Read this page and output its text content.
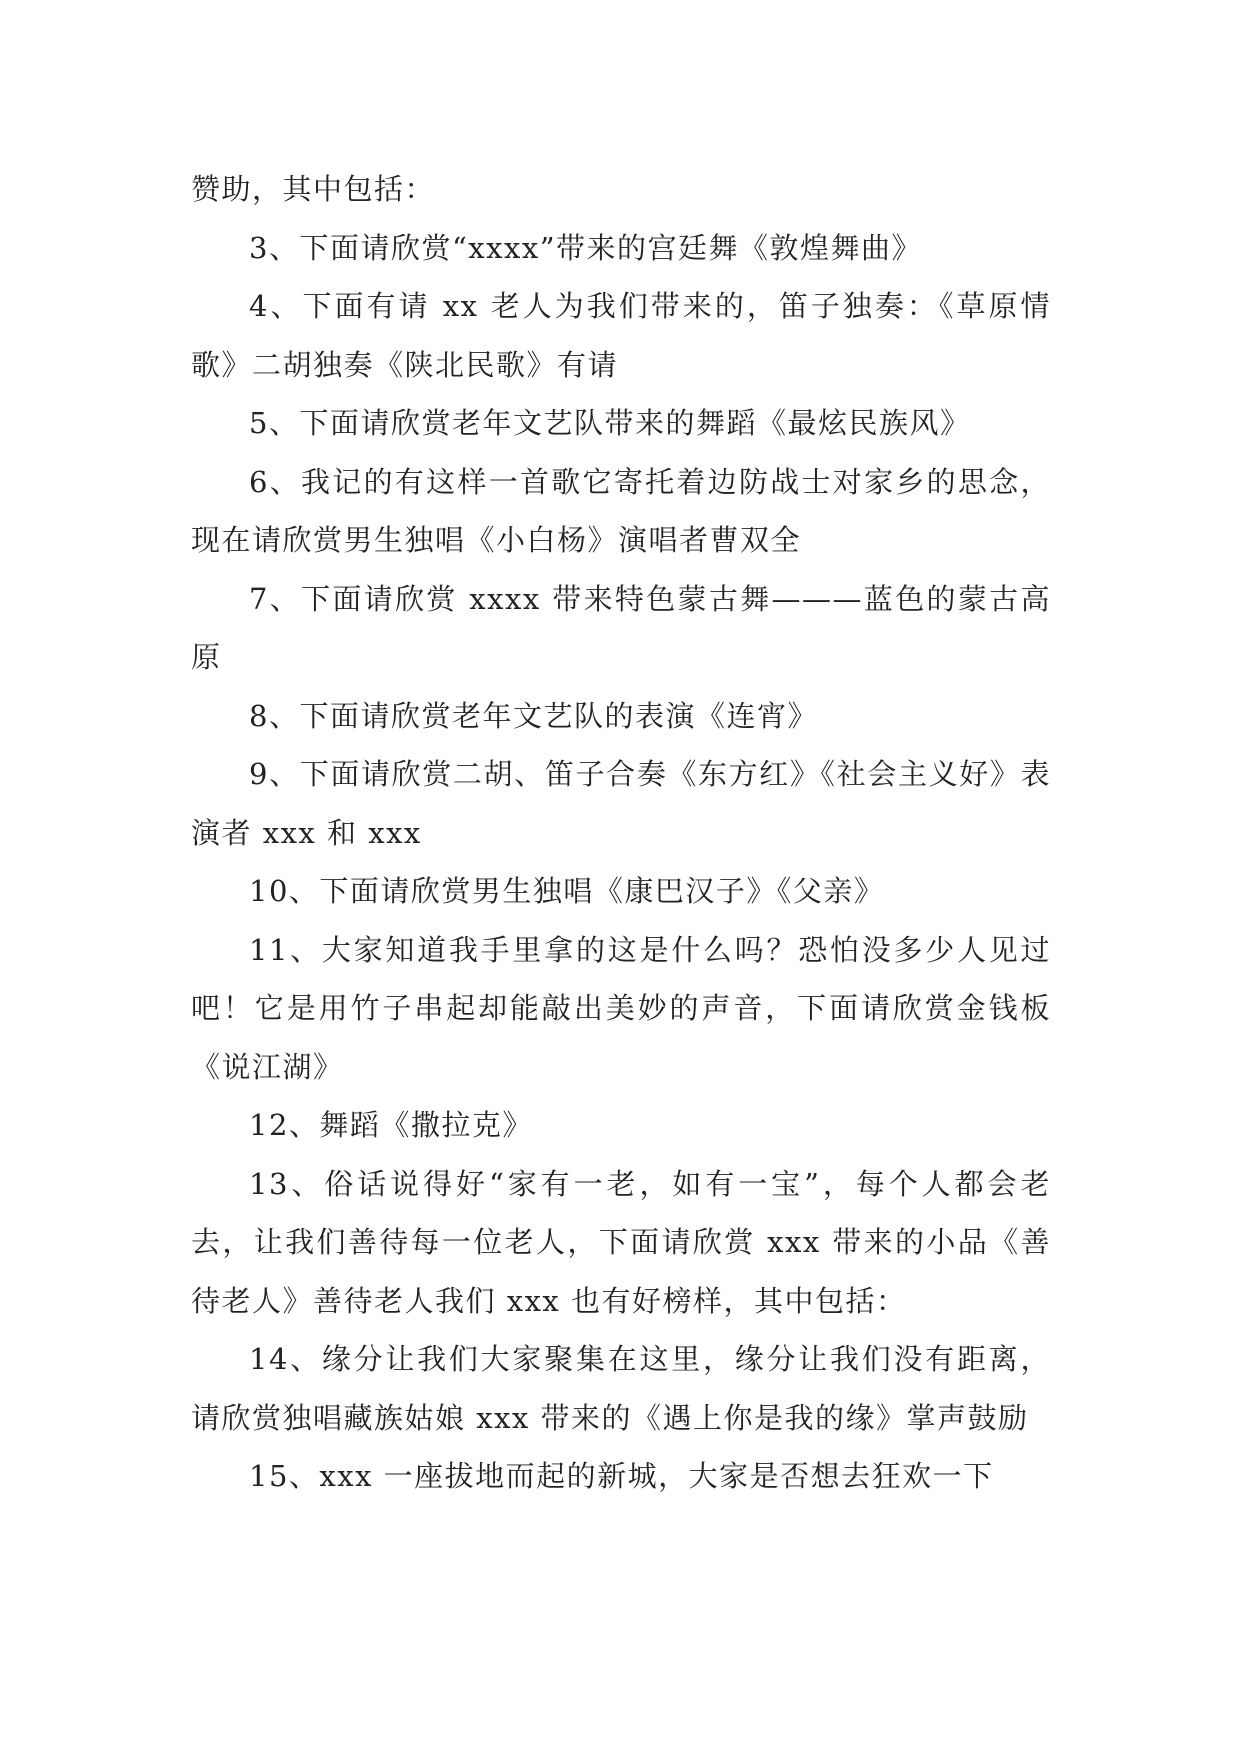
赞助，其中包括：

3、下面请欣赏“xxxx”带来的宫廷舞《敦煌舞曲》

4、下面有请 xx 老人为我们带来的，笛子独奏：《草原情歌》二胡独奏《陕北民歌》有请

5、下面请欣赏老年文艺队带来的舞蹈《最炫民族风》

6、我记的有这样一首歌它寄托着边防战士对家乡的思念，现在请欣赏男生独唱《小白杨》演唱者曹双全

7、下面请欣赏 xxxx 带来特色蒙古舞———蓝色的蒙古高原

8、下面请欣赏老年文艺队的表演《连宵》

9、下面请欣赏二胡、笛子合奏《东方红》《社会主义好》表演者 xxx 和 xxx

10、下面请欣赏男生独唱《康巴汉子》《父亲》

11、大家知道我手里拿的这是什么吗？恐怕没多少人见过吧！它是用竹子串起却能敲出美妙的声音，下面请欣赏金钱板《说江湖》

12、舞蹈《撒拉克》

13、俗话说得好“家有一老，如有一宝”，每个人都会老去，让我们善待每一位老人，下面请欣赏 xxx 带来的小品《善待老人》善待老人我们 xxx 也有好榜样，其中包括：

14、缘分让我们大家聚集在这里，缘分让我们没有距离，请欣赏独唱藏族姑娘 xxx 带来的《遇上你是我的缘》掌声鼓励

15、xxx 一座拔地而起的新城，大家是否想去狂欢一下
